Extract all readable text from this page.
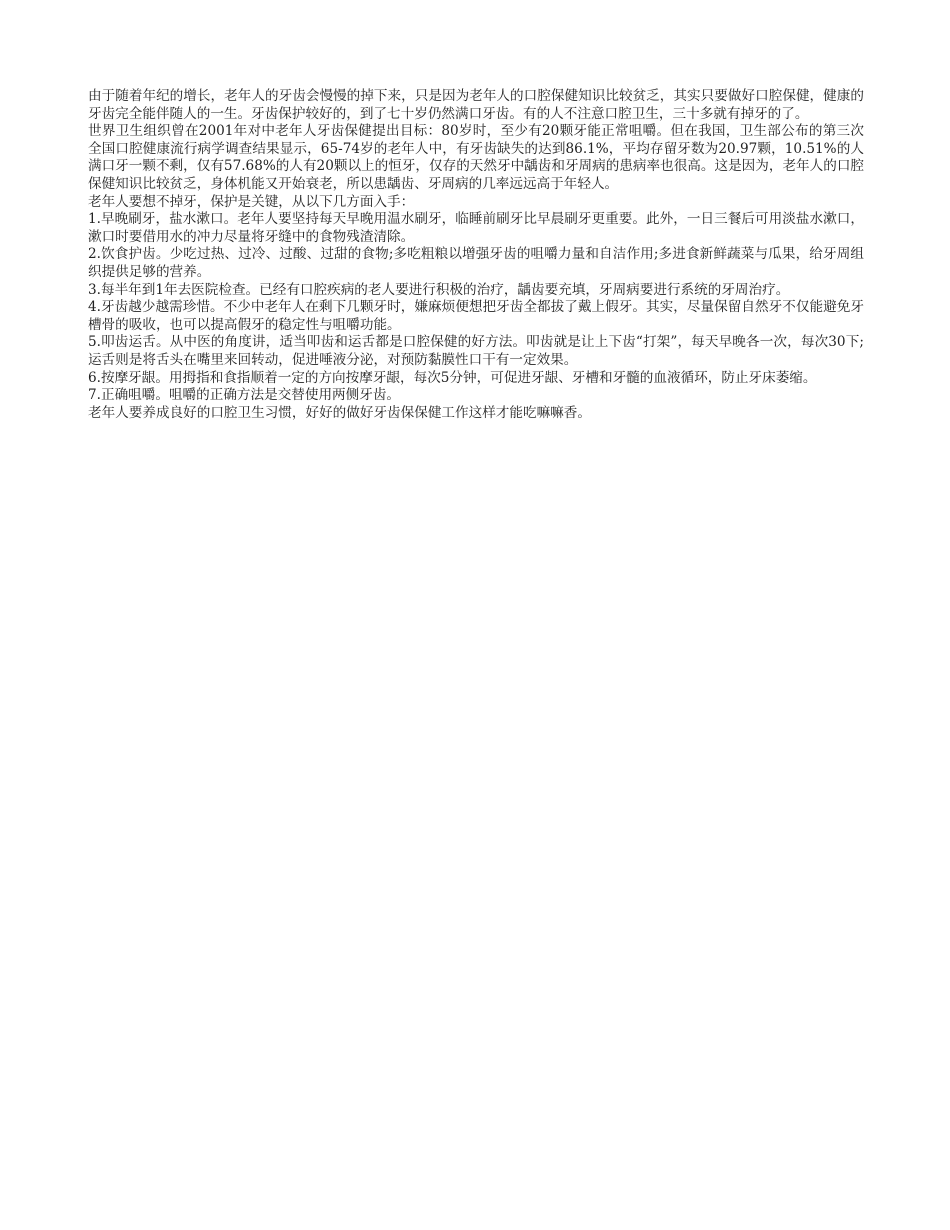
由于随着年纪的增长，老年人的牙齿会慢慢的掉下来，只是因为老年人的口腔保健知识比较贫乏，其实只要做好口腔保健，健康的牙齿完全能伴随人的一生。牙齿保护较好的，到了七十岁仍然满口牙齿。有的人不注意口腔卫生，三十多就有掉牙的了。

世界卫生组织曾在2001年对中老年人牙齿保健提出目标：80岁时，至少有20颗牙能正常咀嚼。但在我国，卫生部公布的第三次全国口腔健康流行病学调查结果显示，65-74岁的老年人中，有牙齿缺失的达到86.1%，平均存留牙数为20.97颗，10.51%的人满口牙一颗不剩，仅有57.68%的人有20颗以上的恒牙，仅存的天然牙中龋齿和牙周病的患病率也很高。这是因为，老年人的口腔保健知识比较贫乏，身体机能又开始衰老，所以患龋齿、牙周病的几率远远高于年轻人。

老年人要想不掉牙，保护是关键，从以下几方面入手：

1.早晚刷牙，盐水漱口。老年人要坚持每天早晚用温水刷牙，临睡前刷牙比早晨刷牙更重要。此外，一日三餐后可用淡盐水漱口，漱口时要借用水的冲力尽量将牙缝中的食物残渣清除。

2.饮食护齿。少吃过热、过冷、过酸、过甜的食物;多吃粗粮以增强牙齿的咀嚼力量和自洁作用;多进食新鲜蔬菜与瓜果，给牙周组织提供足够的营养。

3.每半年到1年去医院检查。已经有口腔疾病的老人要进行积极的治疗，龋齿要充填，牙周病要进行系统的牙周治疗。

4.牙齿越少越需珍惜。不少中老年人在剩下几颗牙时，嫌麻烦便想把牙齿全都拔了戴上假牙。其实，尽量保留自然牙不仅能避免牙槽骨的吸收，也可以提高假牙的稳定性与咀嚼功能。

5.叩齿运舌。从中医的角度讲，适当叩齿和运舌都是口腔保健的好方法。叩齿就是让上下齿“打架”，每天早晚各一次，每次30下;运舌则是将舌头在嘴里来回转动，促进唾液分泌，对预防黏膜性口干有一定效果。

6.按摩牙龈。用拇指和食指顺着一定的方向按摩牙龈，每次5分钟，可促进牙龈、牙槽和牙髓的血液循环，防止牙床萎缩。

7.正确咀嚼。咀嚼的正确方法是交替使用两侧牙齿。

老年人要养成良好的口腔卫生习惯，好好的做好牙齿保保健工作这样才能吃嘛嘛香。
